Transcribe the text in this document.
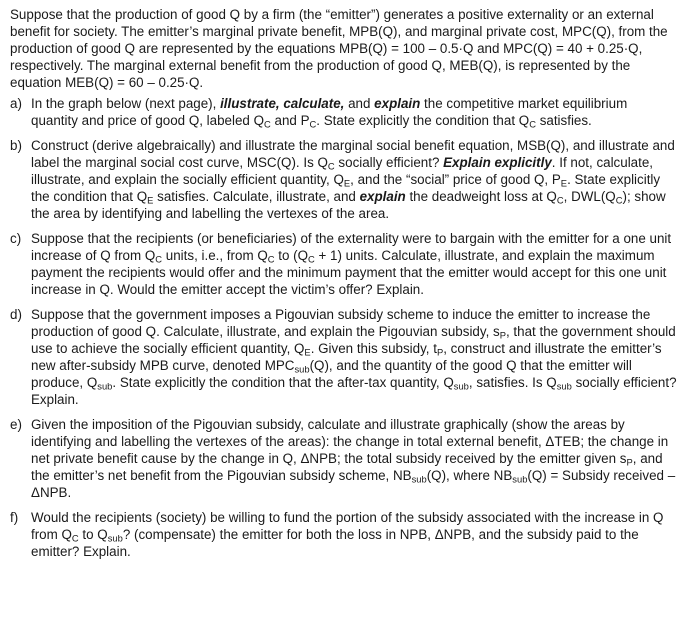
Suppose that the production of good Q by a firm (the “emitter”) generates a positive externality or an external benefit for society. The emitter’s marginal private benefit, MPB(Q), and marginal private cost, MPC(Q), from the production of good Q are represented by the equations MPB(Q) = 100 – 0.5·Q and MPC(Q) = 40 + 0.25·Q, respectively. The marginal external benefit from the production of good Q, MEB(Q), is represented by the equation MEB(Q) = 60 – 0.25·Q.

a) In the graph below (next page), illustrate, calculate, and explain the competitive market equilibrium quantity and price of good Q, labeled $Q_C$ and $P_C$. State explicitly the condition that $Q_C$ satisfies.
b) Construct (derive algebraically) and illustrate the marginal social benefit equation, MSB(Q), and illustrate and label the marginal social cost curve, MSC(Q). Is $Q_C$ socially efficient? Explain explicitly. If not, calculate, illustrate, and explain the socially efficient quantity, $Q_E$, and the “social” price of good Q, $P_E$. State explicitly the condition that $Q_E$ satisfies. Calculate, illustrate, and explain the deadweight loss at $Q_C$, $DWL(Q_C)$; show the area by identifying and labelling the vertexes of the area.
c) Suppose that the recipients (or beneficiaries) of the externality were to bargain with the emitter for a one unit increase of Q from $Q_C$ units, i.e., from $Q_C$ to $(Q_C + 1)$ units. Calculate, illustrate, and explain the maximum payment the recipients would offer and the minimum payment that the emitter would accept for this one unit increase in Q. Would the emitter accept the victim’s offer? Explain.
d) Suppose that the government imposes a Pigouvian subsidy scheme to induce the emitter to increase the production of good Q. Calculate, illustrate, and explain the Pigouvian subsidy, $s_P$, that the government should use to achieve the socially efficient quantity, $Q_E$. Given this subsidy, $t_P$, construct and illustrate the emitter’s new after-subsidy MPB curve, denoted $MPC_{sub}(Q)$, and the quantity of the good Q that the emitter will produce, $Q_{sub}$. State explicitly the condition that the after-tax quantity, $Q_{sub}$, satisfies. Is $Q_{sub}$ socially efficient? Explain.
e) Given the imposition of the Pigouvian subsidy, calculate and illustrate graphically (show the areas by identifying and labelling the vertexes of the areas): the change in total external benefit, ΔTEB; the change in net private benefit cause by the change in Q, ΔNPB; the total subsidy received by the emitter given $s_P$, and the emitter’s net benefit from the Pigouvian subsidy scheme, $NB_{sub}(Q)$, where $NB_{sub}(Q)$ = Subsidy received – ΔNPB.
f) Would the recipients (society) be willing to fund the portion of the subsidy associated with the increase in Q from $Q_C$ to $Q_{sub}$? (compensate) the emitter for both the loss in NPB, ΔNPB, and the subsidy paid to the emitter? Explain.
